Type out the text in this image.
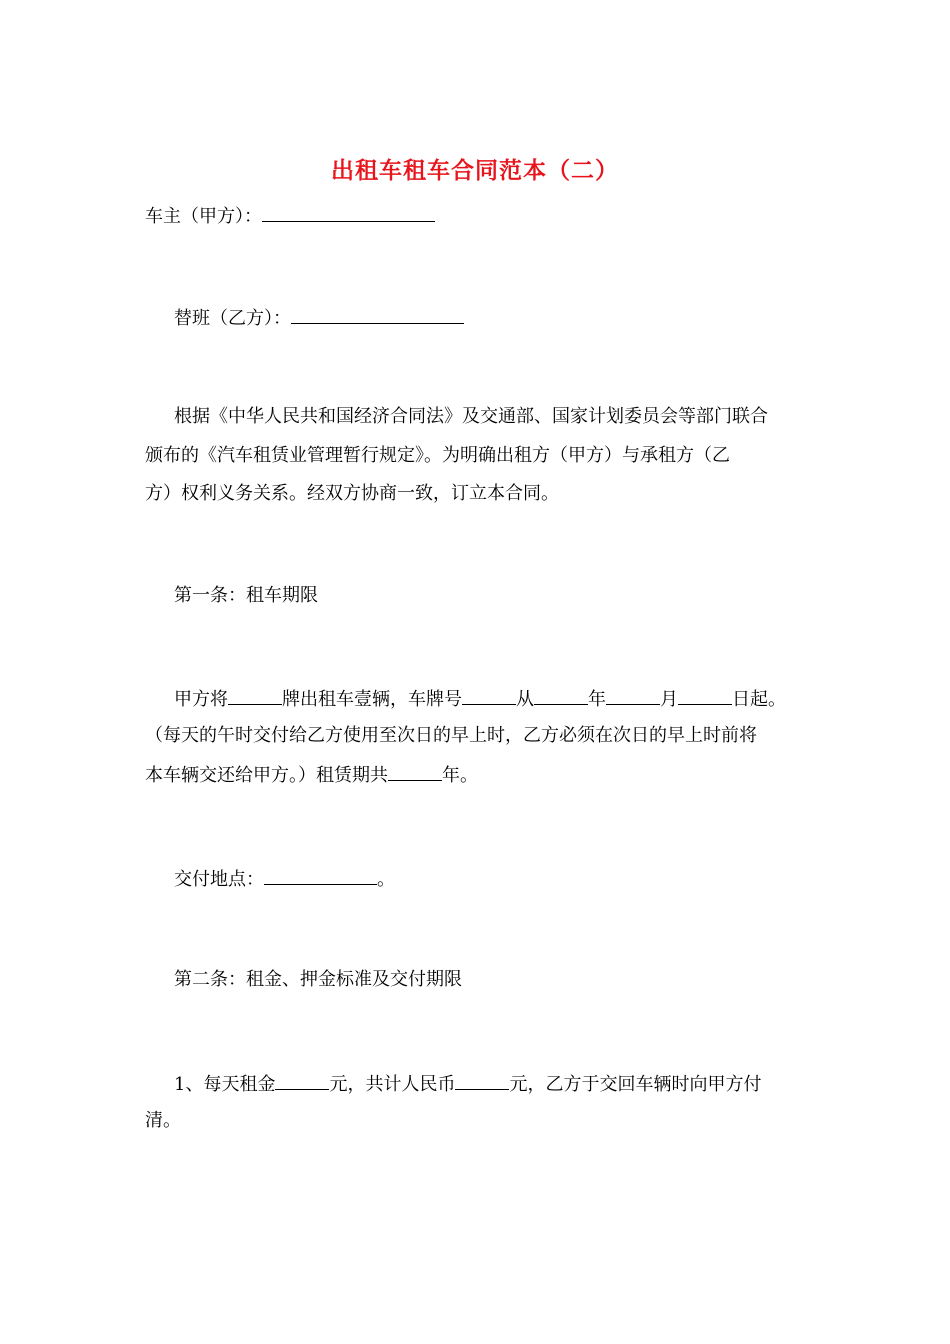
出租车租车合同范本（二）
车主（甲方）：
替班（乙方）：
根据《中华人民共和国经济合同法》及交通部、国家计划委员会等部门联合
颁布的《汽车租赁业管理暂行规定》。为明确出租方（甲方）与承租方（乙
方）权利义务关系。经双方协商一致，订立本合同。
第一条：租车期限
甲方将	牌出租车壹辆，车牌号	从	年	月	日起。
（每天的午时交付给乙方使用至次日的早上时，乙方必须在次日的早上时前将
本车辆交还给甲方。）租赁期共	年。
交付地点：	。
第二条：租金、押金标准及交付期限
1、每天租金	元，共计人民币	元，乙方于交回车辆时向甲方付
清。
